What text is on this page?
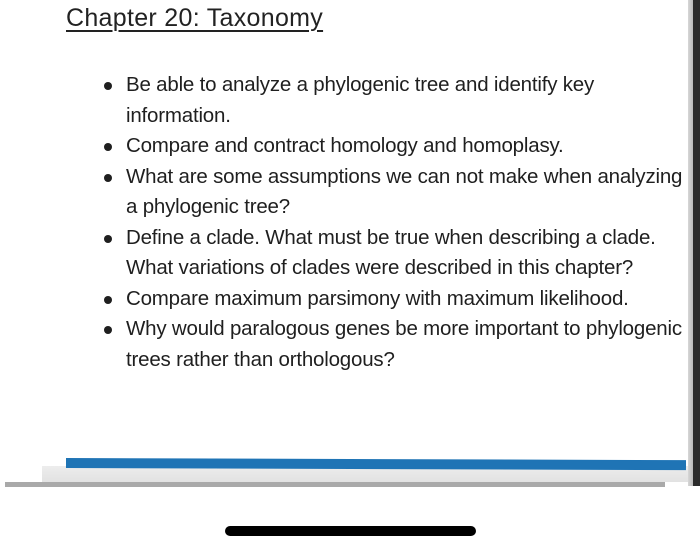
Chapter 20: Taxonomy
Be able to analyze a phylogenic tree and identify key information.
Compare and contract homology and homoplasy.
What are some assumptions we can not make when analyzing a phylogenic tree?
Define a clade. What must be true when describing a clade. What variations of clades were described in this chapter?
Compare maximum parsimony with maximum likelihood.
Why would paralogous genes be more important to phylogenic trees rather than orthologous?
